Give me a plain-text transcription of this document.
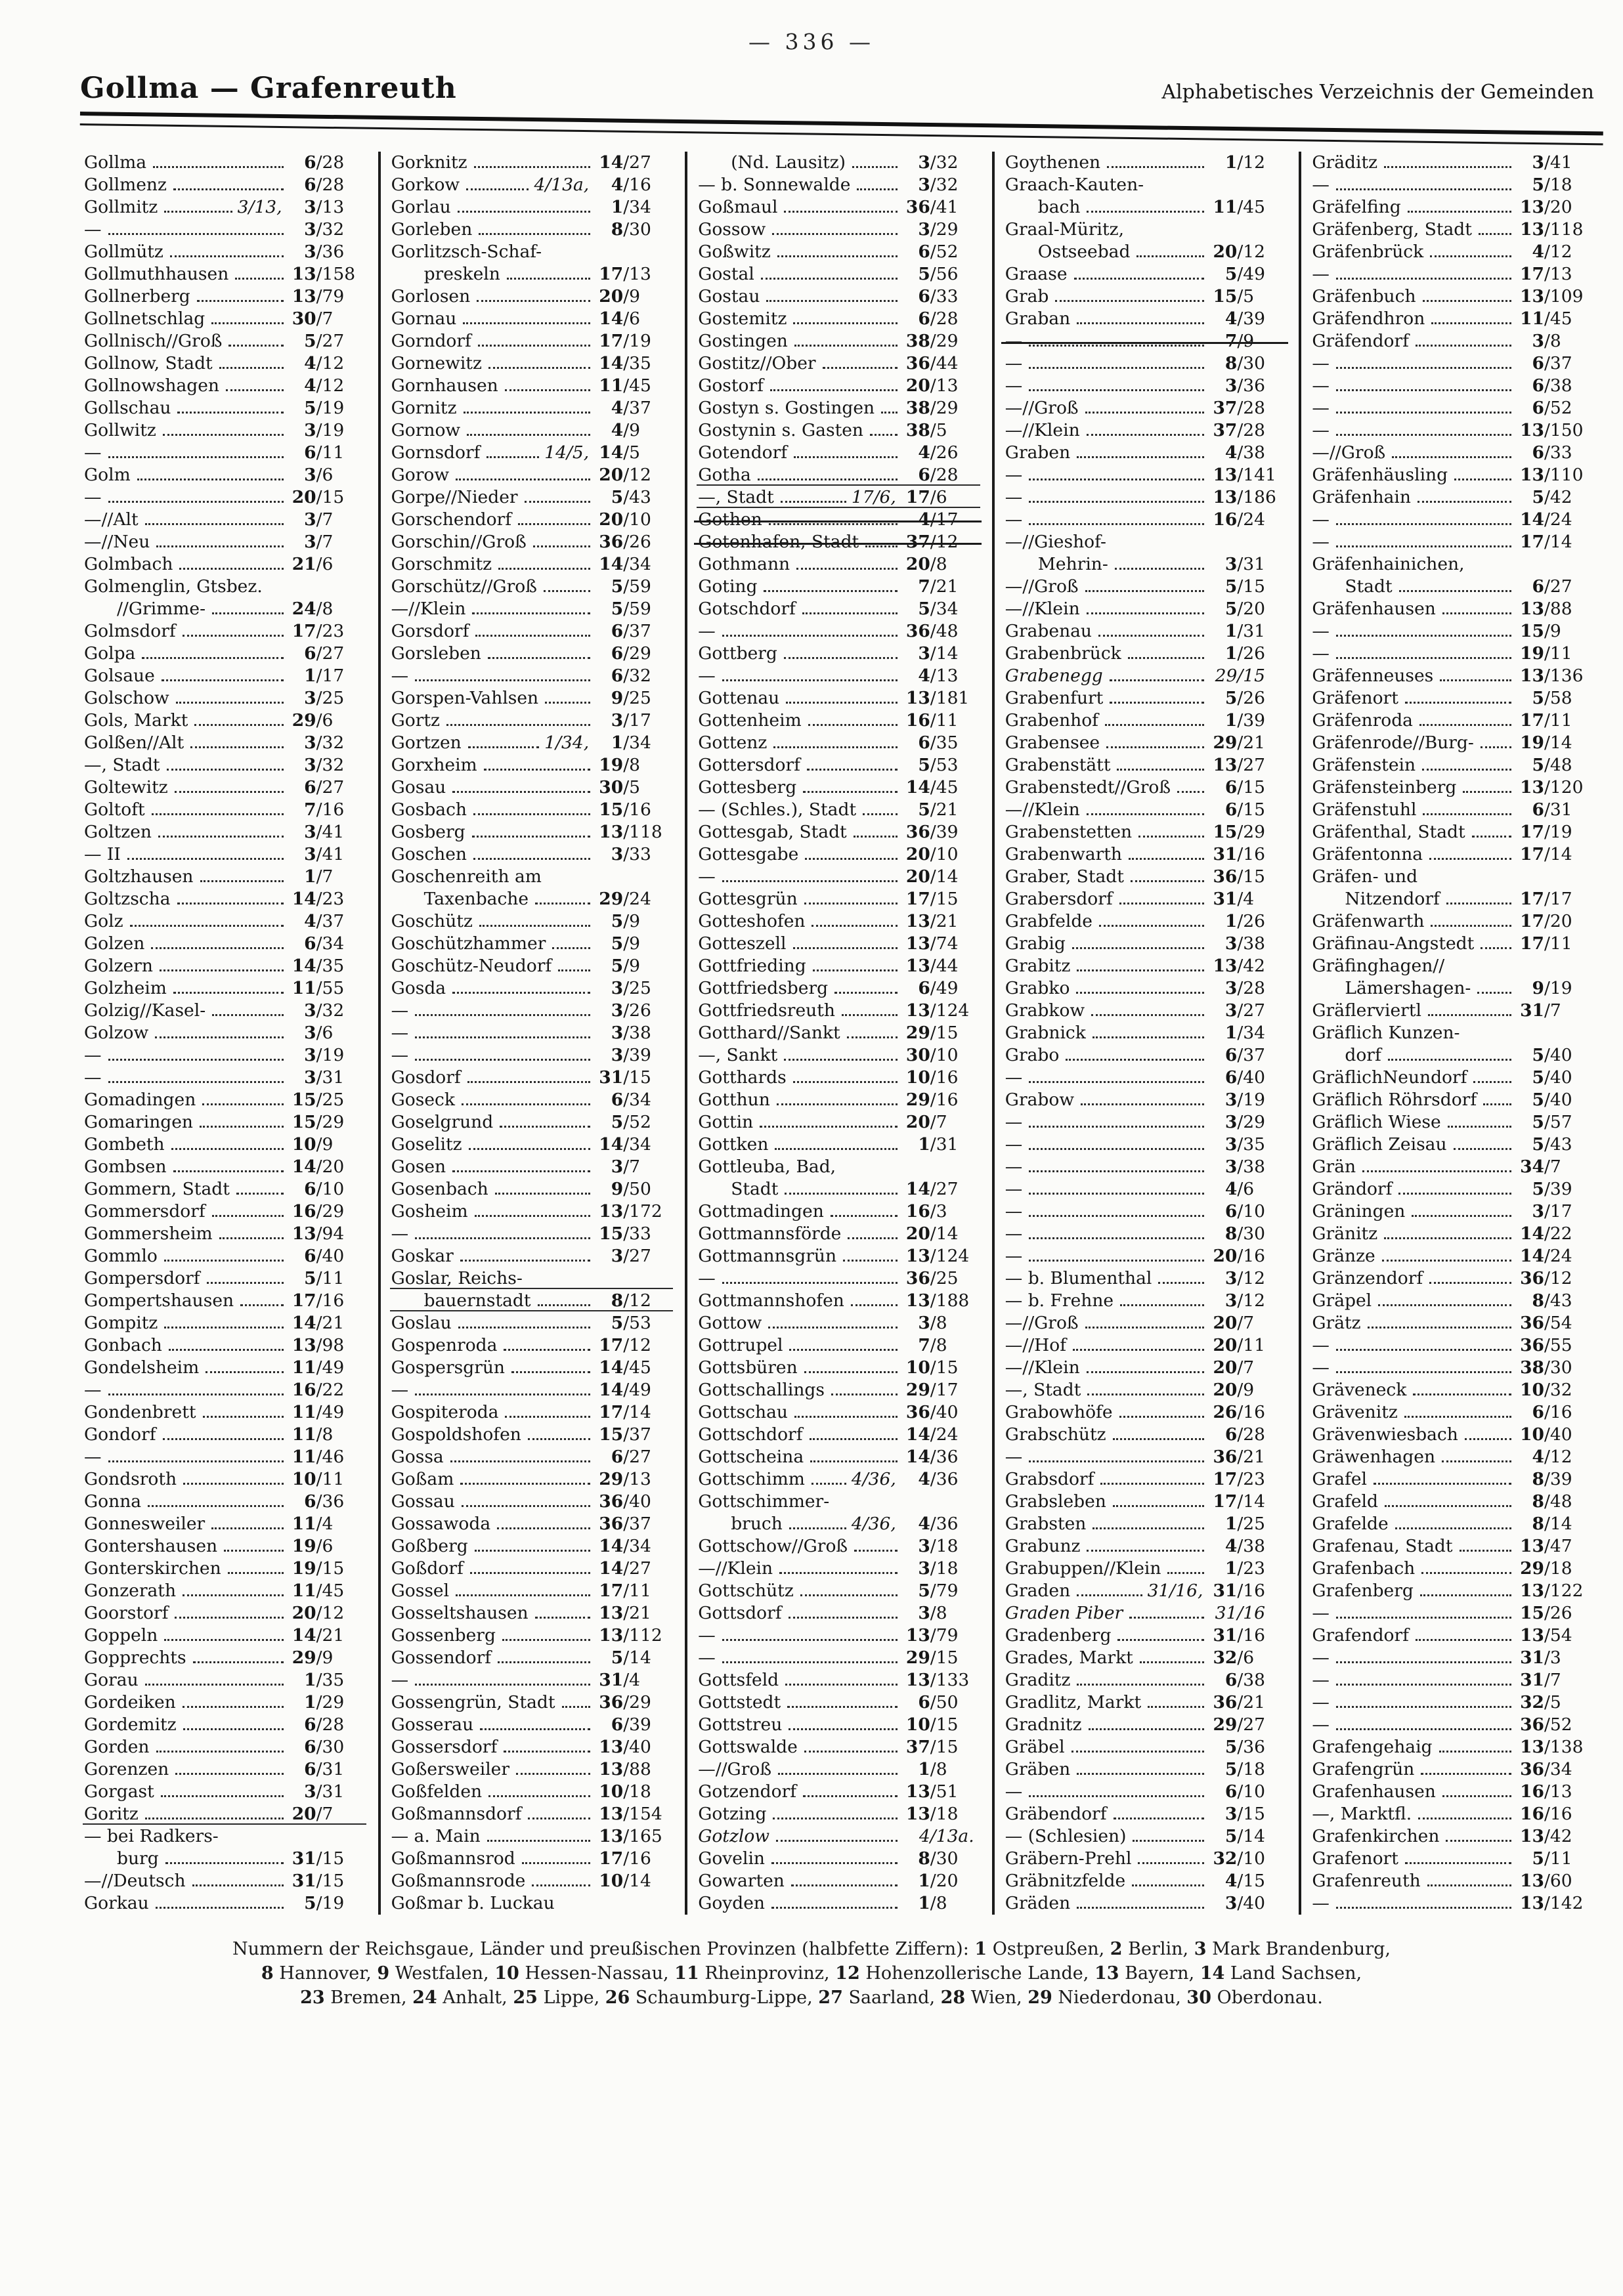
— 336 —
Gollma — Grafenreuth	Alphabetisches Verzeichnis der Gemeinden
Gollma	6/28
Gollmenz	6/28
Gollmitz	3/13,	3/13
—	3/32
Gollmütz	3/36
Gollmuthhausen	13/158
Gollnerberg	13/79
Gollnetschlag	30/7
Gollnisch//Groß	5/27
Gollnow, Stadt	4/12
Gollnowshagen	4/12
Gollschau	5/19
Gollwitz	3/19
—	6/11
Golm	3/6
—	20/15
—//Alt	3/7
—//Neu	3/7
Golmbach	21/6
Golmenglin, Gtsbez.
//Grimme-	24/8
Golmsdorf	17/23
Golpa	6/27
Golsaue	1/17
Golschow	3/25
Gols, Markt	29/6
Golßen//Alt	3/32
—, Stadt	3/32
Goltewitz	6/27
Goltoft	7/16
Goltzen	3/41
— II	3/41
Goltzhausen	1/7
Goltzscha	14/23
Golz	4/37
Golzen	6/34
Golzern	14/35
Golzheim	11/55
Golzig//Kasel-	3/32
Golzow	3/6
—	3/19
—	3/31
Gomadingen	15/25
Gomaringen	15/29
Gombeth	10/9
Gombsen	14/20
Gommern, Stadt	6/10
Gommersdorf	16/29
Gommersheim	13/94
Gommlo	6/40
Gompersdorf	5/11
Gompertshausen	17/16
Gompitz	14/21
Gonbach	13/98
Gondelsheim	11/49
—	16/22
Gondenbrett	11/49
Gondorf	11/8
—	11/46
Gondsroth	10/11
Gonna	6/36
Gonnesweiler	11/4
Gontershausen	19/6
Gonterskirchen	19/15
Gonzerath	11/45
Goorstorf	20/12
Goppeln	14/21
Gopprechts	29/9
Gorau	1/35
Gordeiken	1/29
Gordemitz	6/28
Gorden	6/30
Gorenzen	6/31
Gorgast	3/31
Goritz	20/7
— bei Radkers-
burg	31/15
—//Deutsch	31/15
Gorkau	5/19
Gorknitz	14/27
Gorkow	4/13a,	4/16
Gorlau	1/34
Gorleben	8/30
Gorlitzsch-Schaf-
preskeln	17/13
Gorlosen	20/9
Gornau	14/6
Gorndorf	17/19
Gornewitz	14/35
Gornhausen	11/45
Gornitz	4/37
Gornow	4/9
Gornsdorf	14/5, 14/5
Gorow	20/12
Gorpe//Nieder	5/43
Gorschendorf	20/10
Gorschin//Groß	36/26
Gorschmitz	14/34
Gorschütz//Groß	5/59
—//Klein	5/59
Gorsdorf	6/37
Gorsleben	6/29
—	6/32
Gorspen-Vahlsen	9/25
Gortz	3/17
Gortzen	1/34,	1/34
Gorxheim	19/8
Gosau	30/5
Gosbach	15/16
Gosberg	13/118
Goschen	3/33
Goschenreith am
Taxenbache	29/24
Goschütz	5/9
Goschützhammer	5/9
Goschütz-Neudorf	5/9
Gosda	3/25
—	3/26
—	3/38
—	3/39
Gosdorf	31/15
Goseck	6/34
Goselgrund	5/52
Goselitz	14/34
Gosen	3/7
Gosenbach	9/50
Gosheim	13/172
—	15/33
Goskar	3/27
Goslar, Reichs-
bauernstadt	8/12
Goslau	5/53
Gospenroda	17/12
Gospersgrün	14/45
—	14/49
Gospiteroda	17/14
Gospoldshofen	15/37
Gossa	6/27
Goßam	29/13
Gossau	36/40
Gossawoda	36/37
Goßberg	14/34
Goßdorf	14/27
Gossel	17/11
Gosseltshausen	13/21
Gossenberg	13/112
Gossendorf	5/14
—	31/4
Gossengrün, Stadt	36/29
Gosserau	6/39
Gossersdorf	13/40
Goßersweiler	13/88
Goßfelden	10/18
Goßmannsdorf	13/154
— a. Main	13/165
Goßmannsrod	17/16
Goßmannsrode	10/14
Goßmar b. Luckau
(Nd. Lausitz)	3/32
— b. Sonnewalde	3/32
Goßmaul	36/41
Gossow	3/29
Goßwitz	6/52
Gostal	5/56
Gostau	6/33
Gostemitz	6/28
Gostingen	38/29
Gostitz//Ober	36/44
Gostorf	20/13
Gostyn s. Gostingen 38/29
Gostynin s. Gasten 38/5
Gotendorf	4/26
Gotha	6/28
—, Stadt	17/6, 17/6
Gothen	4/17
Gotenhafen, Stadt	37/12
Gothmann	20/8
Goting	7/21
Gotschdorf	5/34
—	36/48
Gottberg	3/14
—	4/13
Gottenau	13/181
Gottenheim	16/11
Gottenz	6/35
Gottersdorf	5/53
Gottesberg	14/45
— (Schles.), Stadt	5/21
Gottesgab, Stadt	36/39
Gottesgabe	20/10
—	20/14
Gottesgrün	17/15
Gotteshofen	13/21
Gotteszell	13/74
Gottfrieding	13/44
Gottfriedsberg	6/49
Gottfriedsreuth	13/124
Gotthard//Sankt	29/15
—, Sankt	30/10
Gotthards	10/16
Gotthun	29/16
Gottin	20/7
Gottken	1/31
Gottleuba, Bad,
Stadt	14/27
Gottmadingen	16/3
Gottmannsförde	20/14
Gottmannsgrün	13/124
—	36/25
Gottmannshofen	13/188
Gottow	3/8
Gottrupel	7/8
Gottsbüren	10/15
Gottschallings	29/17
Gottschau	36/40
Gottschdorf	14/24
Gottscheina	14/36
Gottschimm	4/36,	4/36
Gottschimmer-
bruch	4/36,	4/36
Gottschow//Groß	3/18
—//Klein	3/18
Gottschütz	5/79
Gottsdorf	3/8
—	13/79
—	29/15
Gottsfeld	13/133
Gottstedt	6/50
Gottstreu	10/15
Gottswalde	37/15
—//Groß	1/8
Gotzendorf	13/51
Gotzing	13/18
Gotzlow	4/13a.
Govelin	8/30
Gowarten	1/20
Goyden	1/8
Goythenen	1/12
Graach-Kauten-
bach	11/45
Graal-Müritz,
Ostseebad	20/12
Graase	5/49
Grab	15/5
Graban	4/39
—	7/9
—	8/30
—	3/36
—//Groß	37/28
—//Klein	37/28
Graben	4/38
—	13/141
—	13/186
—	16/24
—//Gieshof-
Mehrin-	3/31
—//Groß	5/15
—//Klein	5/20
Grabenau	1/31
Grabenbrück	1/26
Grabenegg	29/15
Grabenfurt	5/26
Grabenhof	1/39
Grabensee	29/21
Grabenstätt	13/27
Grabenstedt//Groß	6/15
—//Klein	6/15
Grabenstetten	15/29
Grabenwarth	31/16
Graber, Stadt	36/15
Grabersdorf	31/4
Grabfelde	1/26
Grabig	3/38
Grabitz	13/42
Grabko	3/28
Grabkow	3/27
Grabnick	1/34
Grabo	6/37
—	6/40
Grabow	3/19
—	3/29
—	3/35
—	3/38
—	4/6
—	6/10
—	8/30
—	20/16
— b. Blumenthal	3/12
— b. Frehne	3/12
—//Groß	20/7
—//Hof	20/11
—//Klein	20/7
—, Stadt	20/9
Grabowhöfe	26/16
Grabschütz	6/28
—	36/21
Grabsdorf	17/23
Grabsleben	17/14
Grabsten	1/25
Grabunz	4/38
Grabuppen//Klein	1/23
Graden	31/16, 31/16
Graden Piber	31/16
Gradenberg	31/16
Grades, Markt	32/6
Graditz	6/38
Gradlitz, Markt	36/21
Gradnitz	29/27
Gräbel	5/36
Gräben	5/18
—	6/10
Gräbendorf	3/15
— (Schlesien)	5/14
Gräbern-Prehl	32/10
Gräbnitzfelde	4/15
Gräden	3/40
Gräditz	3/41
—	5/18
Gräfelfing	13/20
Gräfenberg, Stadt	13/118
Gräfenbrück	4/12
—	17/13
Gräfenbuch	13/109
Gräfendhron	11/45
Gräfendorf	3/8
—	6/37
—	6/38
—	6/52
—	13/150
—//Groß	6/33
Gräfenhäusling	13/110
Gräfenhain	5/42
—	14/24
—	17/14
Gräfenhainichen,
Stadt	6/27
Gräfenhausen	13/88
—	15/9
—	19/11
Gräfenneuses	13/136
Gräfenort	5/58
Gräfenroda	17/11
Gräfenrode//Burg-	19/14
Gräfenstein	5/48
Gräfensteinberg	13/120
Gräfenstuhl	6/31
Gräfenthal, Stadt	17/19
Gräfentonna	17/14
Gräfen- und
Nitzendorf	17/17
Gräfenwarth	17/20
Gräfinau-Angstedt	17/11
Gräfinghagen//
Lämershagen-	9/19
Gräflerviertl	31/7
Gräflich Kunzen-
dorf	5/40
GräflichNeundorf	5/40
Gräflich Röhrsdorf	5/40
Gräflich Wiese	5/57
Gräflich Zeisau	5/43
Grän	34/7
Grändorf	5/39
Gräningen	3/17
Gränitz	14/22
Gränze	14/24
Gränzendorf	36/12
Gräpel	8/43
Grätz	36/54
—	36/55
—	38/30
Gräveneck	10/32
Grävenitz	6/16
Grävenwiesbach	10/40
Gräwenhagen	4/12
Grafel	8/39
Grafeld	8/48
Grafelde	8/14
Grafenau, Stadt	13/47
Grafenbach	29/18
Grafenberg	13/122
—	15/26
Grafendorf	13/54
—	31/3
—	31/7
—	32/5
—	36/52
Grafengehaig	13/138
Grafengrün	36/34
Grafenhausen	16/13
—, Marktfl.	16/16
Grafenkirchen	13/42
Grafenort	5/11
Grafenreuth	13/60
—	13/142
Nummern der Reichsgaue, Länder und preußischen Provinzen (halbfette Ziffern): 1 Ostpreußen, 2 Berlin, 3 Mark Brandenburg,
8 Hannover, 9 Westfalen, 10 Hessen-Nassau, 11 Rheinprovinz, 12 Hohenzollerische Lande, 13 Bayern, 14 Land Sachsen,
23 Bremen, 24 Anhalt, 25 Lippe, 26 Schaumburg-Lippe, 27 Saarland, 28 Wien, 29 Niederdonau, 30 Oberdonau.
